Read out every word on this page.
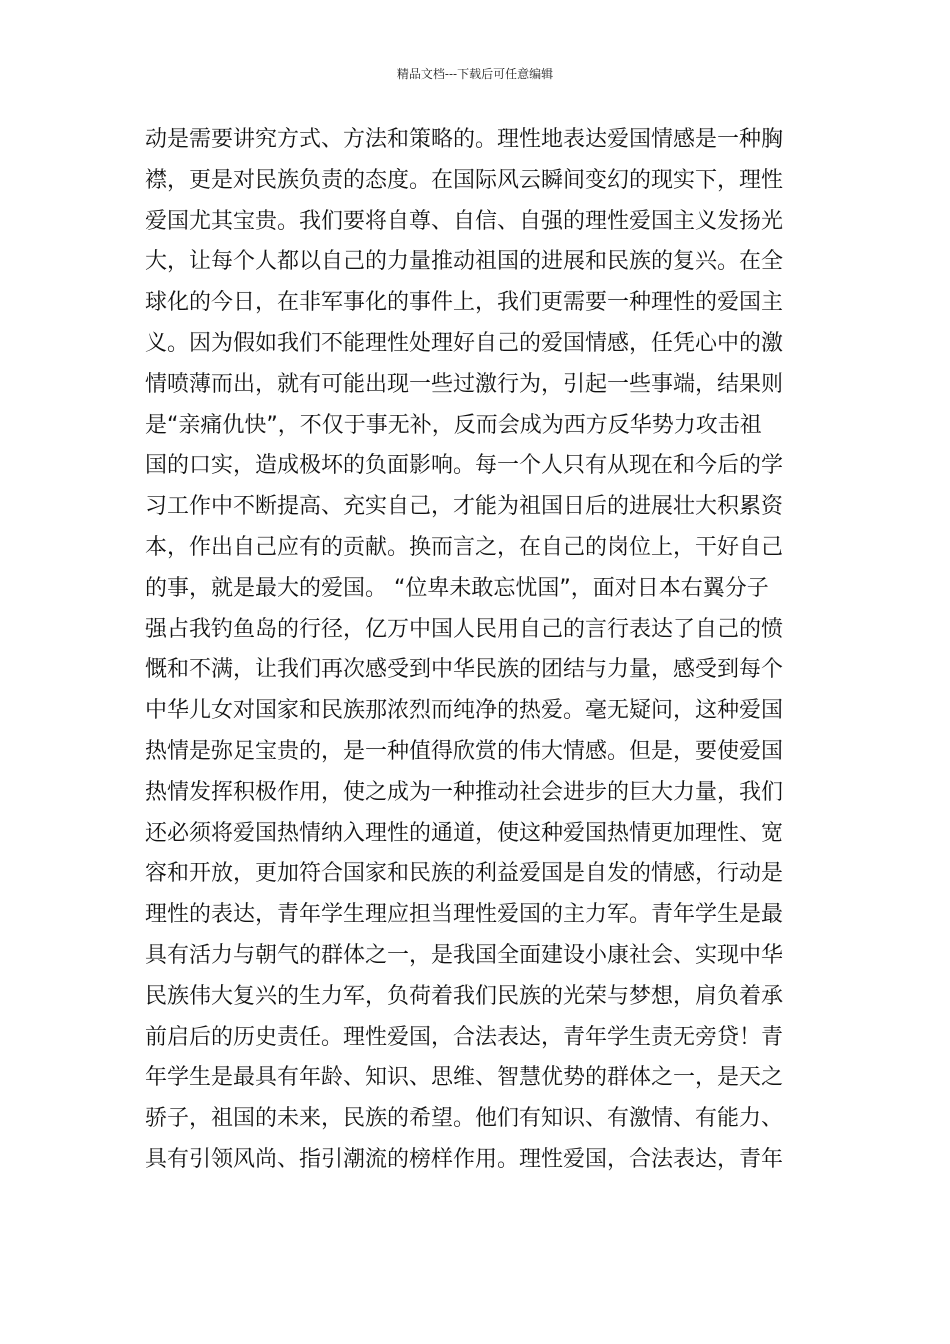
精品文档---下载后可任意编辑
动是需要讲究方式、方法和策略的。理性地表达爱国情感是一种胸
襟，更是对民族负责的态度。在国际风云瞬间变幻的现实下，理性
爱国尤其宝贵。我们要将自尊、自信、自强的理性爱国主义发扬光
大，让每个人都以自己的力量推动祖国的进展和民族的复兴。在全
球化的今日，在非军事化的事件上，我们更需要一种理性的爱国主
义。因为假如我们不能理性处理好自己的爱国情感，任凭心中的激
情喷薄而出，就有可能出现一些过激行为，引起一些事端，结果则
是“亲痛仇快”，不仅于事无补，反而会成为西方反华势力攻击祖
国的口实，造成极坏的负面影响。每一个人只有从现在和今后的学
习工作中不断提高、充实自己，才能为祖国日后的进展壮大积累资
本，作出自己应有的贡献。换而言之，在自己的岗位上，干好自己
的事，就是最大的爱国。 “位卑未敢忘忧国”，面对日本右翼分子
强占我钓鱼岛的行径，亿万中国人民用自己的言行表达了自己的愤
慨和不满，让我们再次感受到中华民族的团结与力量，感受到每个
中华儿女对国家和民族那浓烈而纯净的热爱。毫无疑问，这种爱国
热情是弥足宝贵的，是一种值得欣赏的伟大情感。但是，要使爱国
热情发挥积极作用，使之成为一种推动社会进步的巨大力量，我们
还必须将爱国热情纳入理性的通道，使这种爱国热情更加理性、宽
容和开放，更加符合国家和民族的利益爱国是自发的情感，行动是
理性的表达，青年学生理应担当理性爱国的主力军。青年学生是最
具有活力与朝气的群体之一，是我国全面建设小康社会、实现中华
民族伟大复兴的生力军，负荷着我们民族的光荣与梦想，肩负着承
前启后的历史责任。理性爱国，合法表达，青年学生责无旁贷！青
年学生是最具有年龄、知识、思维、智慧优势的群体之一，是天之
骄子，祖国的未来，民族的希望。他们有知识、有激情、有能力、
具有引领风尚、指引潮流的榜样作用。理性爱国，合法表达，青年
